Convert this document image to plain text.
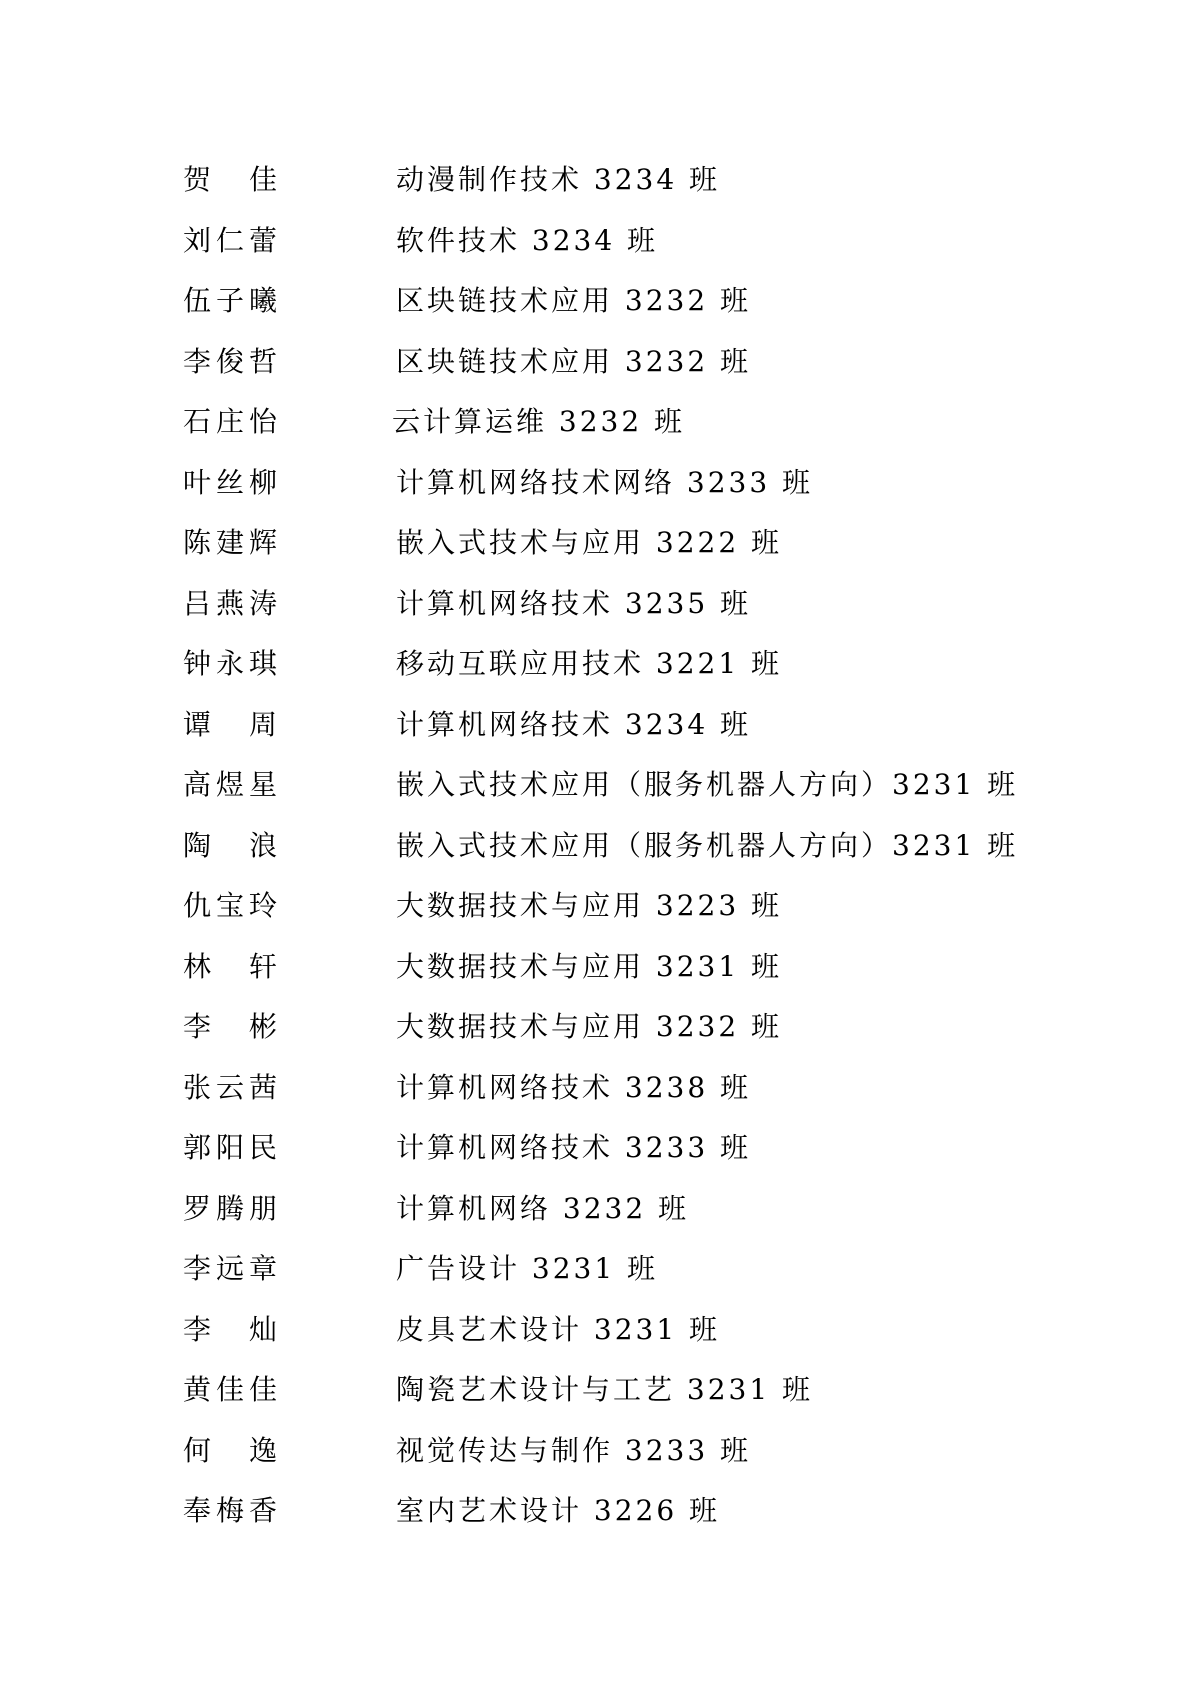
贺 佳	动漫制作技术 3234 班
刘 仁 蕾	软件技术 3234 班
伍 子 曦	区块链技术应用 3232 班
李 俊 哲	区块链技术应用 3232 班
石 庄 怡	云计算运维 3232 班
叶 丝 柳	计算机网络技术网络 3233 班
陈 建 辉	嵌入式技术与应用 3222 班
吕 燕 涛	计算机网络技术 3235 班
钟 永 琪	移动互联应用技术 3221 班
谭 周	计算机网络技术 3234 班
高 煜 星	嵌入式技术应用（服务机器人方向）3231 班
陶 浪	嵌入式技术应用（服务机器人方向）3231 班
仇 宝 玲	大数据技术与应用 3223 班
林 轩	大数据技术与应用 3231 班
李 彬	大数据技术与应用 3232 班
张 云 茜	计算机网络技术 3238 班
郭 阳 民	计算机网络技术 3233 班
罗 腾 朋	计算机网络 3232 班
李 远 章	广告设计 3231 班
李 灿	皮具艺术设计 3231 班
黄 佳 佳	陶瓷艺术设计与工艺 3231 班
何 逸	视觉传达与制作 3233 班
奉 梅 香	室内艺术设计 3226 班
